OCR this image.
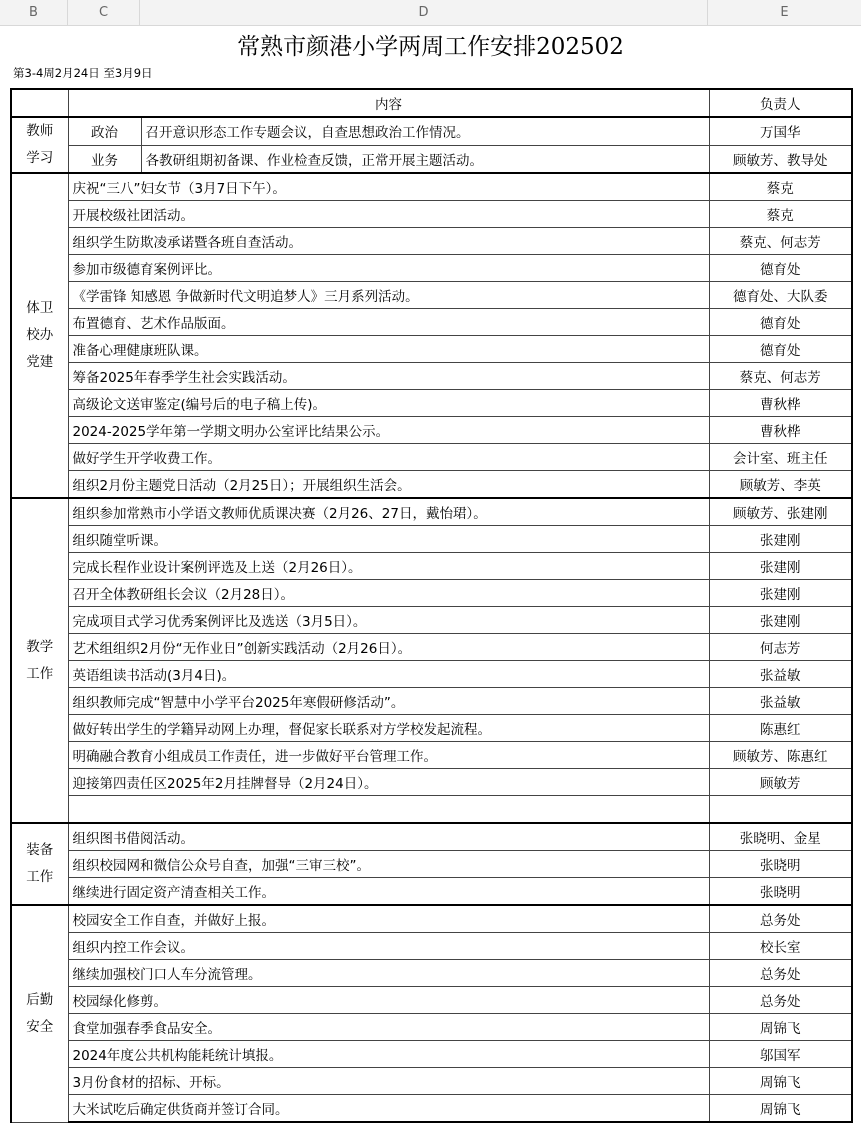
B	C	D	E
常熟市颜港小学两周工作安排202502
第3-4周2月24日 至3月9日
	内容		负责人
教师
学习	政治	召开意识形态工作专题会议，自查思想政治工作情况。	万国华
	业务	各教研组期初备课、作业检查反馈，正常开展主题活动。	顾敏芳、教导处
体卫
校办
党建	庆祝“三八”妇女节（3月7日下午）。		蔡克
	开展校级社团活动。		蔡克
	组织学生防欺凌承诺暨各班自查活动。		蔡克、何志芳
	参加市级德育案例评比。		德育处
	《学雷锋 知感恩 争做新时代文明追梦人》三月系列活动。		德育处、大队委
	布置德育、艺术作品版面。		德育处
	准备心理健康班队课。		德育处
	筹备2025年春季学生社会实践活动。		蔡克、何志芳
	高级论文送审鉴定(编号后的电子稿上传)。		曹秋桦
	2024-2025学年第一学期文明办公室评比结果公示。		曹秋桦
	做好学生开学收费工作。		会计室、班主任
	组织2月份主题党日活动（2月25日）；开展组织生活会。		顾敏芳、李英
教学
工作	组织参加常熟市小学语文教师优质课决赛（2月26、27日，戴怡珺）。		顾敏芳、张建刚
	组织随堂听课。		张建刚
	完成长程作业设计案例评选及上送（2月26日）。		张建刚
	召开全体教研组长会议（2月28日）。		张建刚
	完成项目式学习优秀案例评比及选送（3月5日）。		张建刚
	艺术组组织2月份“无作业日”创新实践活动（2月26日）。		何志芳
	英语组读书活动(3月4日)。		张益敏
	组织教师完成“智慧中小学平台2025年寒假研修活动”。		张益敏
	做好转出学生的学籍异动网上办理，督促家长联系对方学校发起流程。		陈惠红
	明确融合教育小组成员工作责任，进一步做好平台管理工作。		顾敏芳、陈惠红
	迎接第四责任区2025年2月挂牌督导（2月24日）。		顾敏芳

装备
工作	组织图书借阅活动。		张晓明、金星
	组织校园网和微信公众号自查，加强“三审三校”。		张晓明
	继续进行固定资产清查相关工作。		张晓明
后勤
安全	校园安全工作自查，并做好上报。		总务处
	组织内控工作会议。		校长室
	继续加强校门口人车分流管理。		总务处
	校园绿化修剪。		总务处
	食堂加强春季食品安全。		周锦飞
	2024年度公共机构能耗统计填报。		邬国军
	3月份食材的招标、开标。		周锦飞
	大米试吃后确定供货商并签订合同。		周锦飞
